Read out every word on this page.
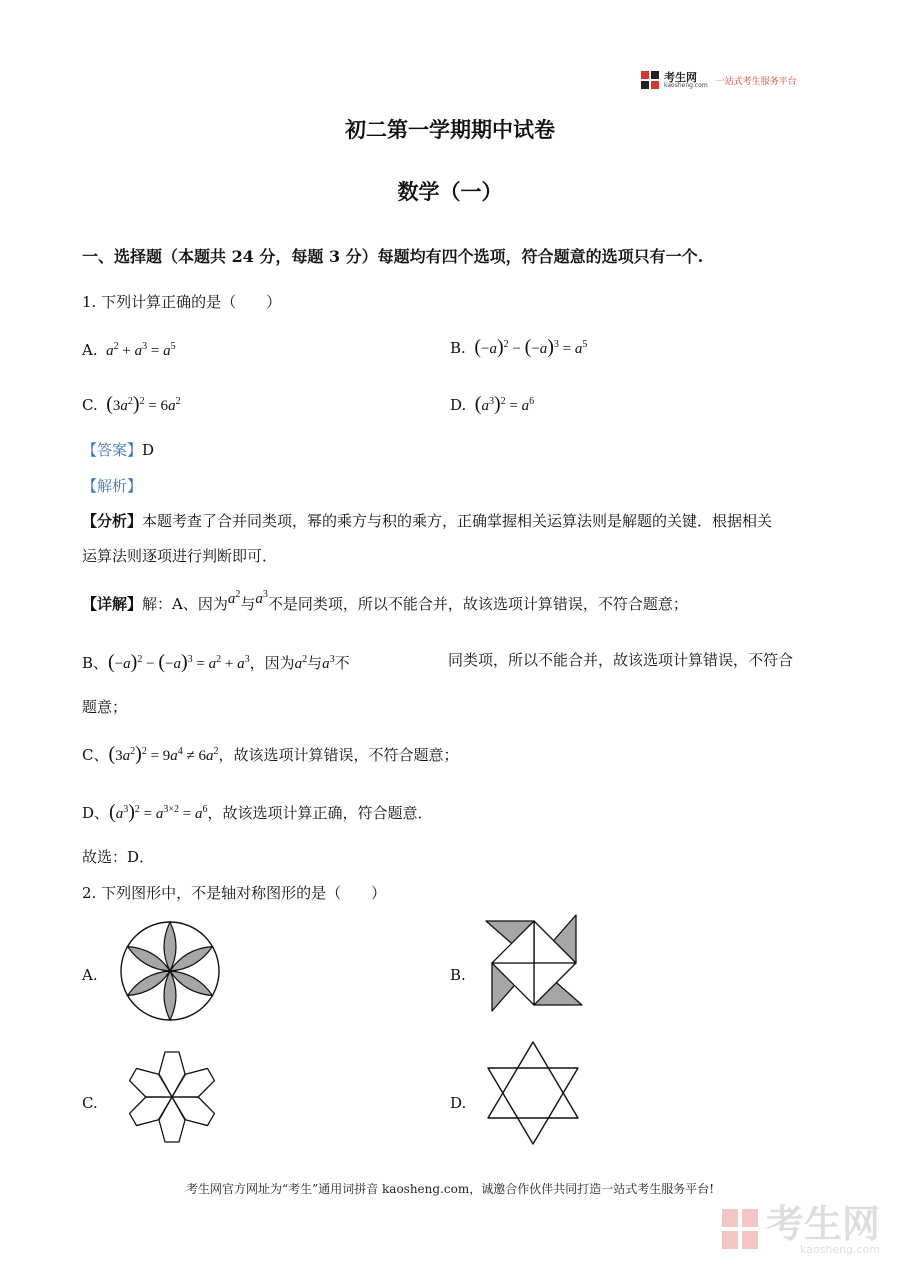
考生网
kaosheng.com 一站式考生服务平台
初二第一学期期中试卷
数学（一）
一、选择题（本题共 24 分，每题 3 分）每题均有四个选项，符合题意的选项只有一个.
1. 下列计算正确的是（　　）
A.  $a^2 + a^3 = a^5$	B. $(-a)^2 - (-a)^3 = a^5$
C. $(3a^2)^2 = 6a^2$	D. $(a^3)^2 = a^6$
【答案】D
【解析】
【分析】本题考查了合并同类项，幂的乘方与积的乘方，正确掌握相关运算法则是解题的关键．根据相关
运算法则逐项进行判断即可．
【详解】解：A、因为$a^2$与$a^3$不是同类项，所以不能合并，故该选项计算错误，不符合题意；
B、$(-a)^2 - (-a)^3 = a^2 + a^3$，因为$a^2$与$a^3$不	同类项，所以不能合并，故该选项计算错误，不符合
题意；
C、$(3a^2)^2 = 9a^4 \ne 6a^2$，故该选项计算错误，不符合题意；
D、$(a^3)^2 = a^{3\times 2} = a^6$，故该选项计算正确，符合题意．
故选：D．
2. 下列图形中，不是轴对称图形的是（　　）
A.	B.
C.	D.
考生网官方网址为“考生”通用词拼音 kaosheng.com，诚邀合作伙伴共同打造一站式考生服务平台!
考生网
kaosheng.com
